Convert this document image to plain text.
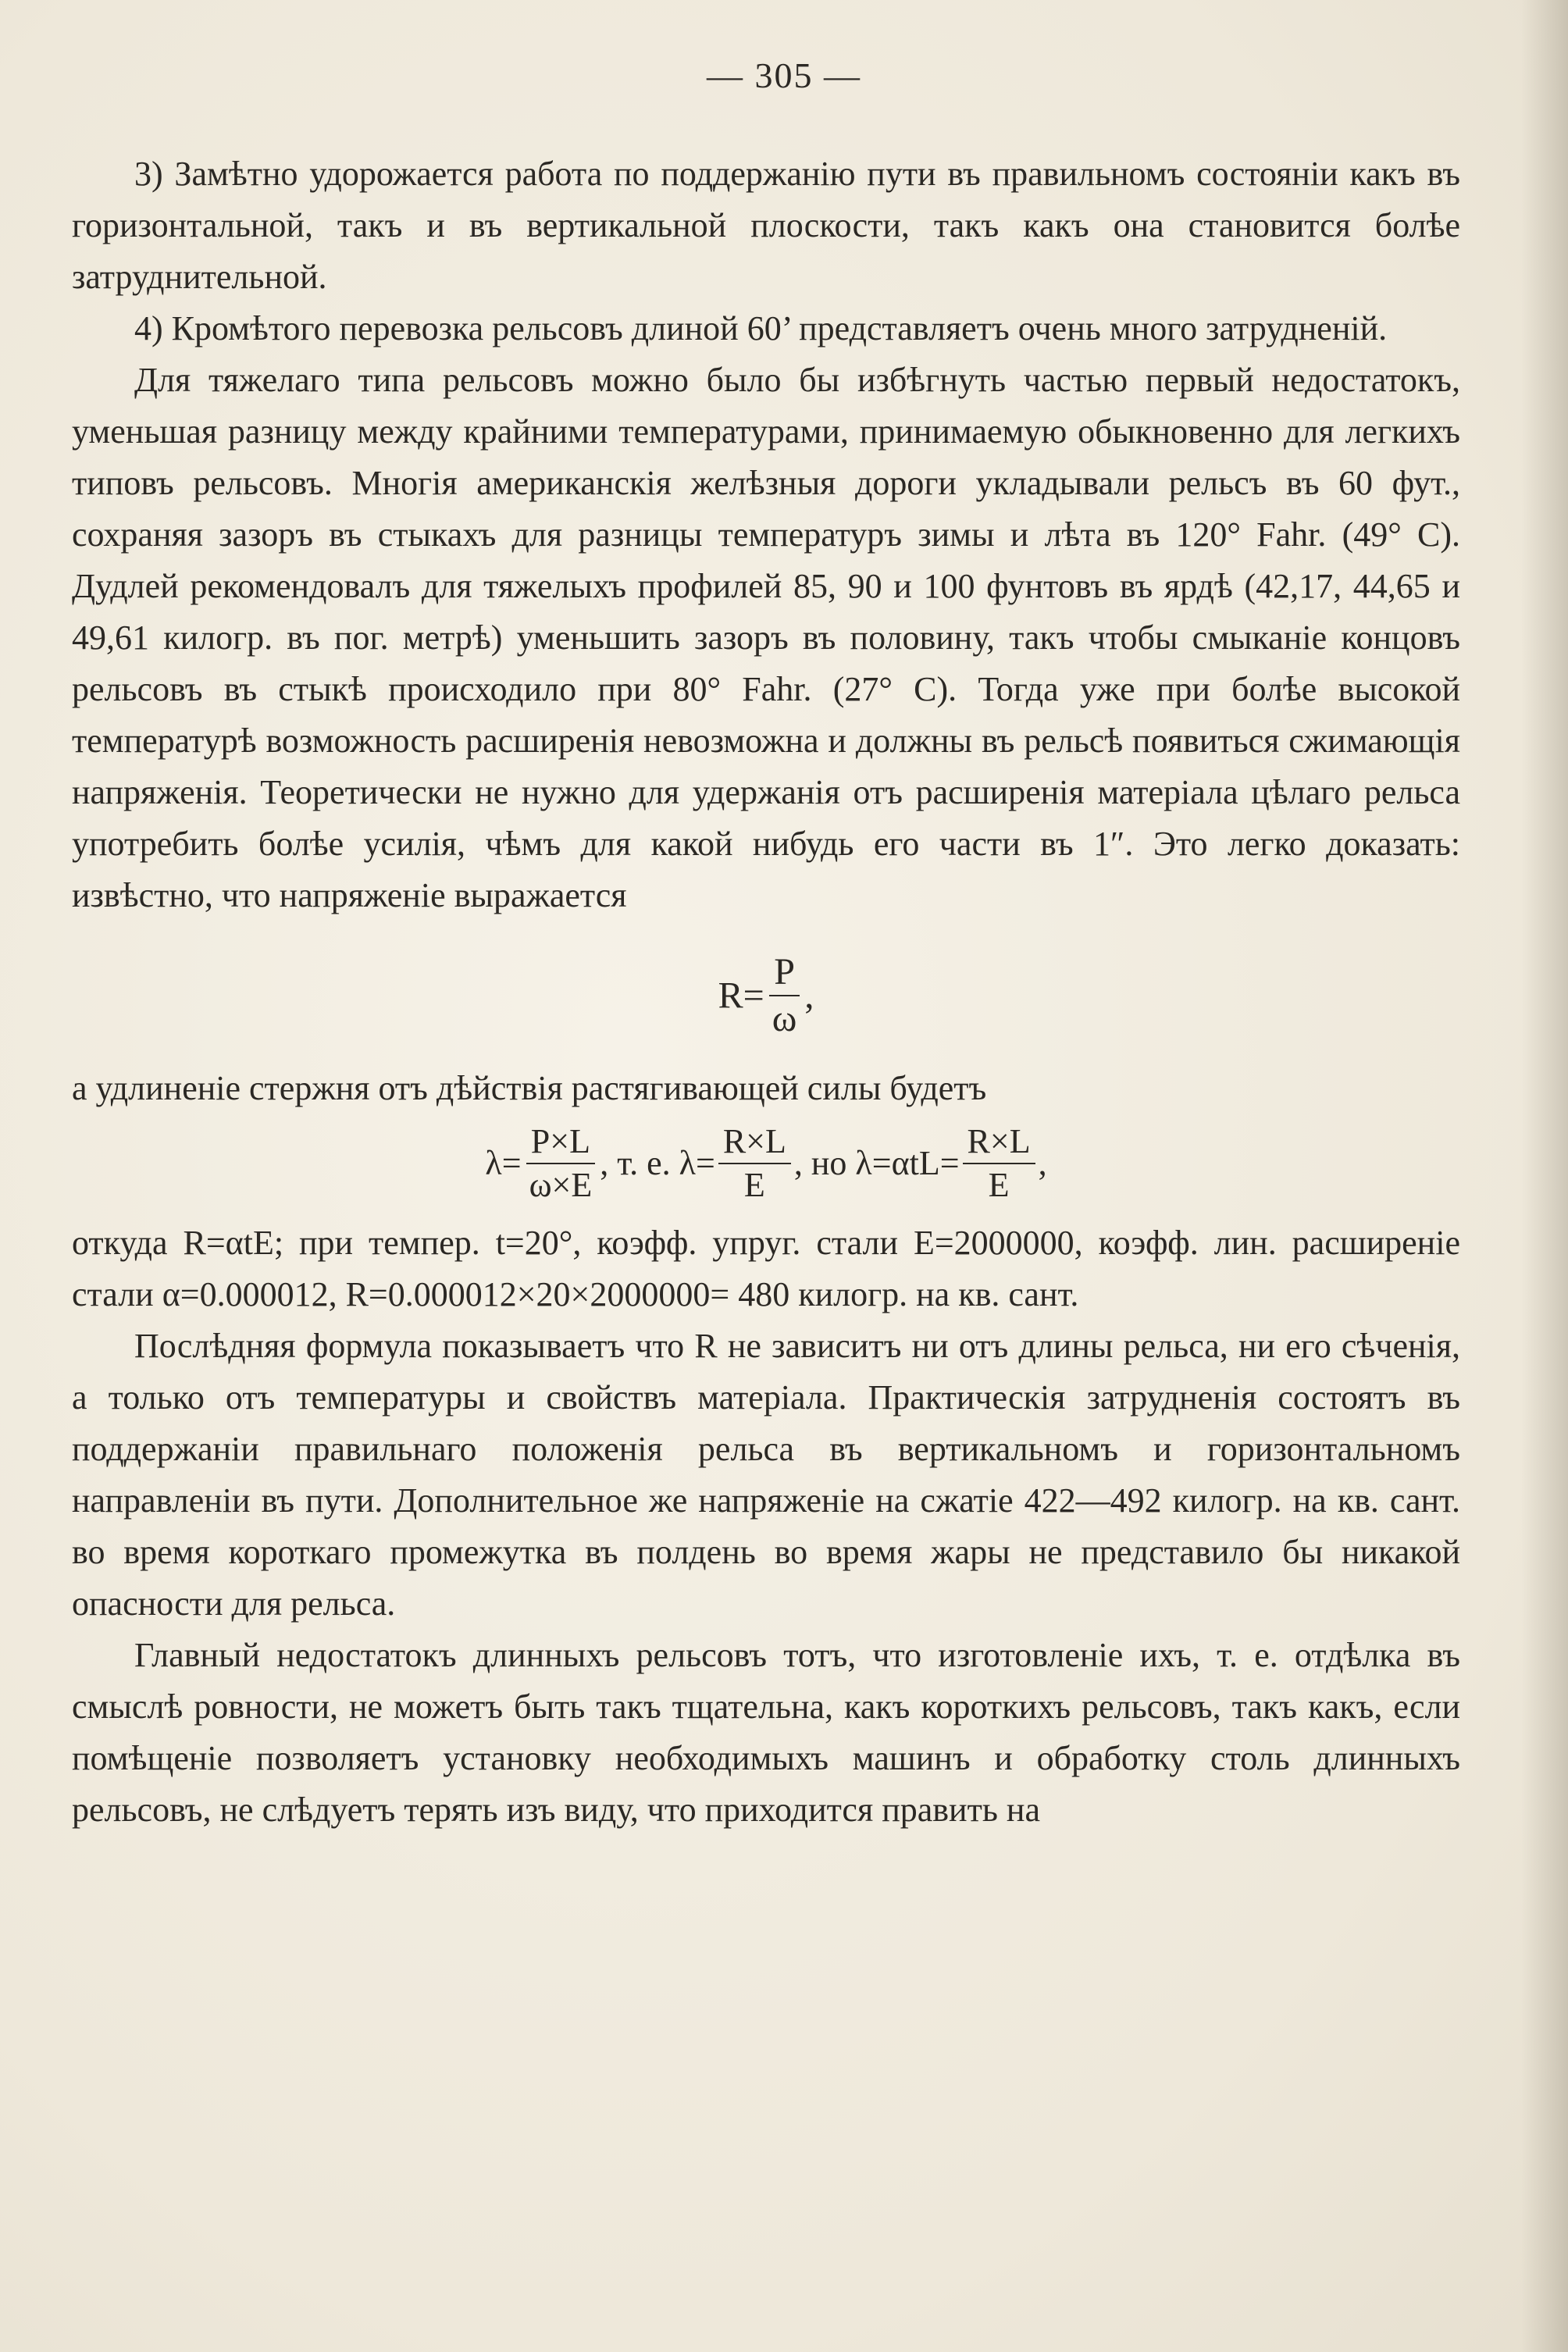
— 305 —

3) Замѣтно удорожается работа по поддержанію пути въ правильномъ состояніи какъ въ горизонтальной, такъ и въ вертикальной плоскости, такъ какъ она становится болѣе затруднительной.

4) Кромѣтого перевозка рельсовъ длиной 60’ представляетъ очень много затрудненій.

Для тяжелаго типа рельсовъ можно было бы избѣгнуть частью первый недостатокъ, уменьшая разницу между крайними температурами, принимаемую обыкновенно для легкихъ типовъ рельсовъ. Многія американскія желѣзныя дороги укладывали рельсъ въ 60 фут., сохраняя зазоръ въ стыкахъ для разницы температуръ зимы и лѣта въ 120° Fahr. (49° C). Дудлей рекомендовалъ для тяжелыхъ профилей 85, 90 и 100 фунтовъ въ ярдѣ (42,17, 44,65 и 49,61 килогр. въ пог. метрѣ) уменьшить зазоръ въ половину, такъ чтобы смыканіе концовъ рельсовъ въ стыкѣ происходило при 80° Fahr. (27° C). Тогда уже при болѣе высокой температурѣ возможность расширенія невозможна и должны въ рельсѣ появиться сжимающія напряженія. Теоретически не нужно для удержанія отъ расширенія матеріала цѣлаго рельса употребить болѣе усилія, чѣмъ для какой нибудь его части въ 1″. Это легко доказать: извѣстно, что напряженіе выражается

$R= \frac{P}{\omega}$ ,

а удлиненіе стержня отъ дѣйствія растягивающей силы будетъ

$\lambda= \frac{P\times L}{\omega\times E}$ , т. е. $\lambda= \frac{R\times L}{E}$ , но $\lambda=\alpha tL= \frac{R\times L}{E}$ ,

откуда R=αtE; при темпер. t=20°, коэфф. упруг. стали E=2000000, коэфф. лин. расширеніе стали α=0.000012, R=0.000012×20×2000000= 480 килогр. на кв. сант.

Послѣдняя формула показываетъ что R не зависитъ ни отъ длины рельса, ни его сѣченія, а только отъ температуры и свойствъ матеріала. Практическія затрудненія состоятъ въ поддержаніи правильнаго положенія рельса въ вертикальномъ и горизонтальномъ направленіи въ пути. Дополнительное же напряженіе на сжатіе 422—492 килогр. на кв. сант. во время короткаго промежутка въ полдень во время жары не представило бы никакой опасности для рельса.

Главный недостатокъ длинныхъ рельсовъ тотъ, что изготовленіе ихъ, т. е. отдѣлка въ смыслѣ ровности, не можетъ быть такъ тщательна, какъ короткихъ рельсовъ, такъ какъ, если помѣщеніе позволяетъ установку необходимыхъ машинъ и обработку столь длинныхъ рельсовъ, не слѣдуетъ терять изъ виду, что приходится править на
